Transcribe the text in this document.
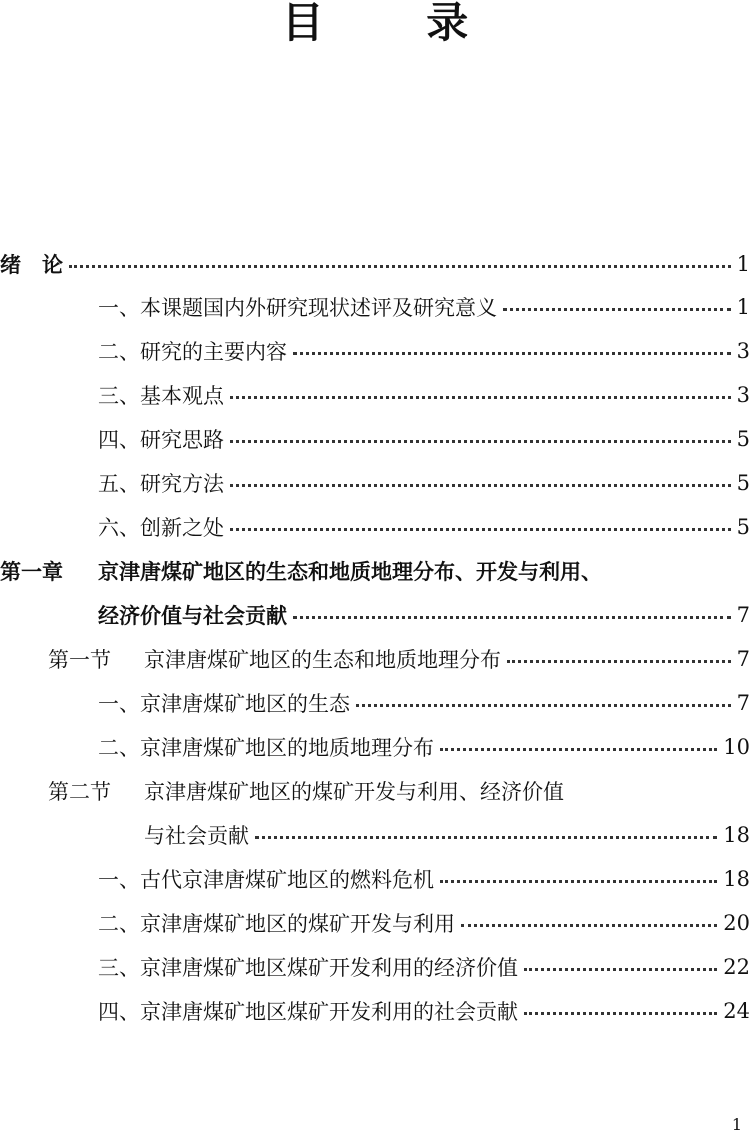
目 录
绪　论	1
一、本课题国内外研究现状述评及研究意义	1
二、研究的主要内容	3
三、基本观点	3
四、研究思路	5
五、研究方法	5
六、创新之处	5
第一章	京津唐煤矿地区的生态和地质地理分布、开发与利用、
经济价值与社会贡献	7
第一节	京津唐煤矿地区的生态和地质地理分布	7
一、京津唐煤矿地区的生态	7
二、京津唐煤矿地区的地质地理分布	10
第二节	京津唐煤矿地区的煤矿开发与利用、经济价值
与社会贡献	18
一、古代京津唐煤矿地区的燃料危机	18
二、京津唐煤矿地区的煤矿开发与利用	20
三、京津唐煤矿地区煤矿开发利用的经济价值	22
四、京津唐煤矿地区煤矿开发利用的社会贡献	24
1
